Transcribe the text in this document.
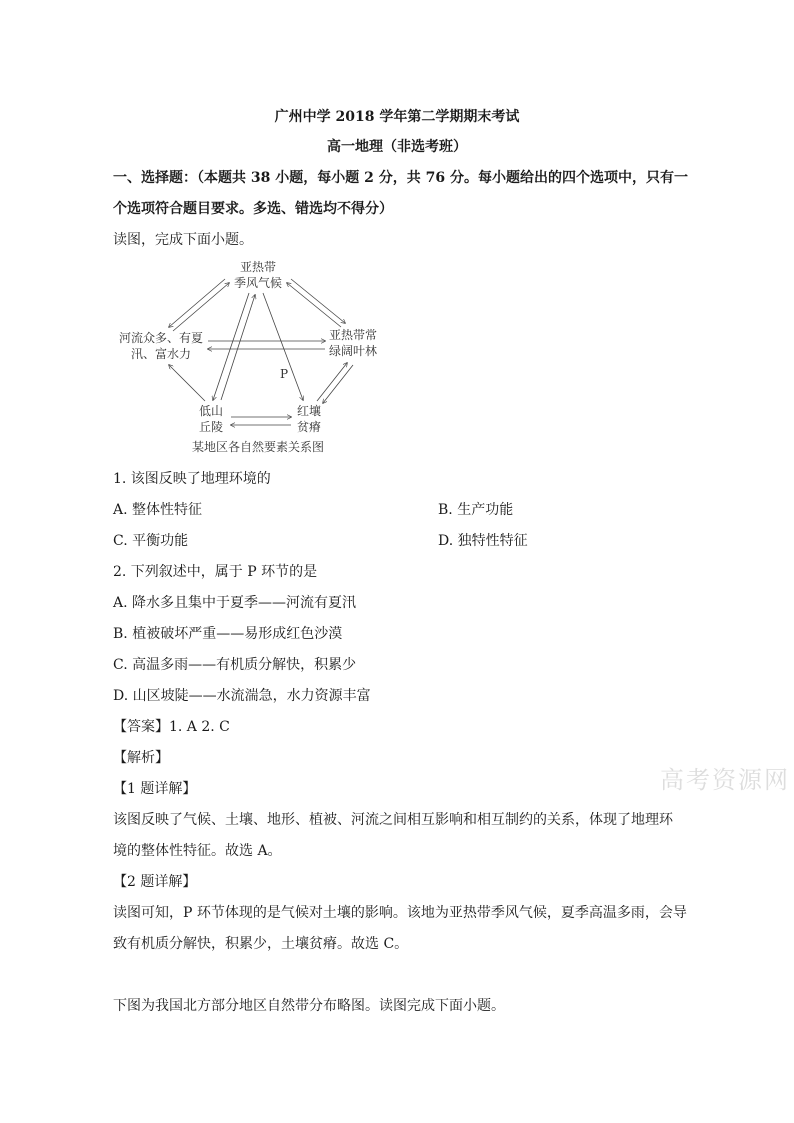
广州中学 2018 学年第二学期期末考试
高一地理（非选考班）
一、选择题：（本题共 38 小题，每小题 2 分，共 76 分。每小题给出的四个选项中，只有一
个选项符合题目要求。多选、错选均不得分）
读图，完成下面小题。
亚热带
季风气候
河流众多、有夏
汛、富水力
亚热带常
绿阔叶林
低山
丘陵
红壤
贫瘠
P
某地区各自然要素关系图
1. 该图反映了地理环境的
A. 整体性特征	B. 生产功能
C. 平衡功能	D. 独特性特征
2. 下列叙述中，属于 P 环节的是
A. 降水多且集中于夏季——河流有夏汛
B. 植被破坏严重——易形成红色沙漠
C. 高温多雨——有机质分解快，积累少
D. 山区坡陡——水流湍急，水力资源丰富
【答案】1. A 2. C
【解析】
【1 题详解】
该图反映了气候、土壤、地形、植被、河流之间相互影响和相互制约的关系，体现了地理环
境的整体性特征。故选 A。
【2 题详解】
读图可知，P 环节体现的是气候对土壤的影响。该地为亚热带季风气候，夏季高温多雨，会导
致有机质分解快，积累少，土壤贫瘠。故选 C。
下图为我国北方部分地区自然带分布略图。读图完成下面小题。
高考资源网
